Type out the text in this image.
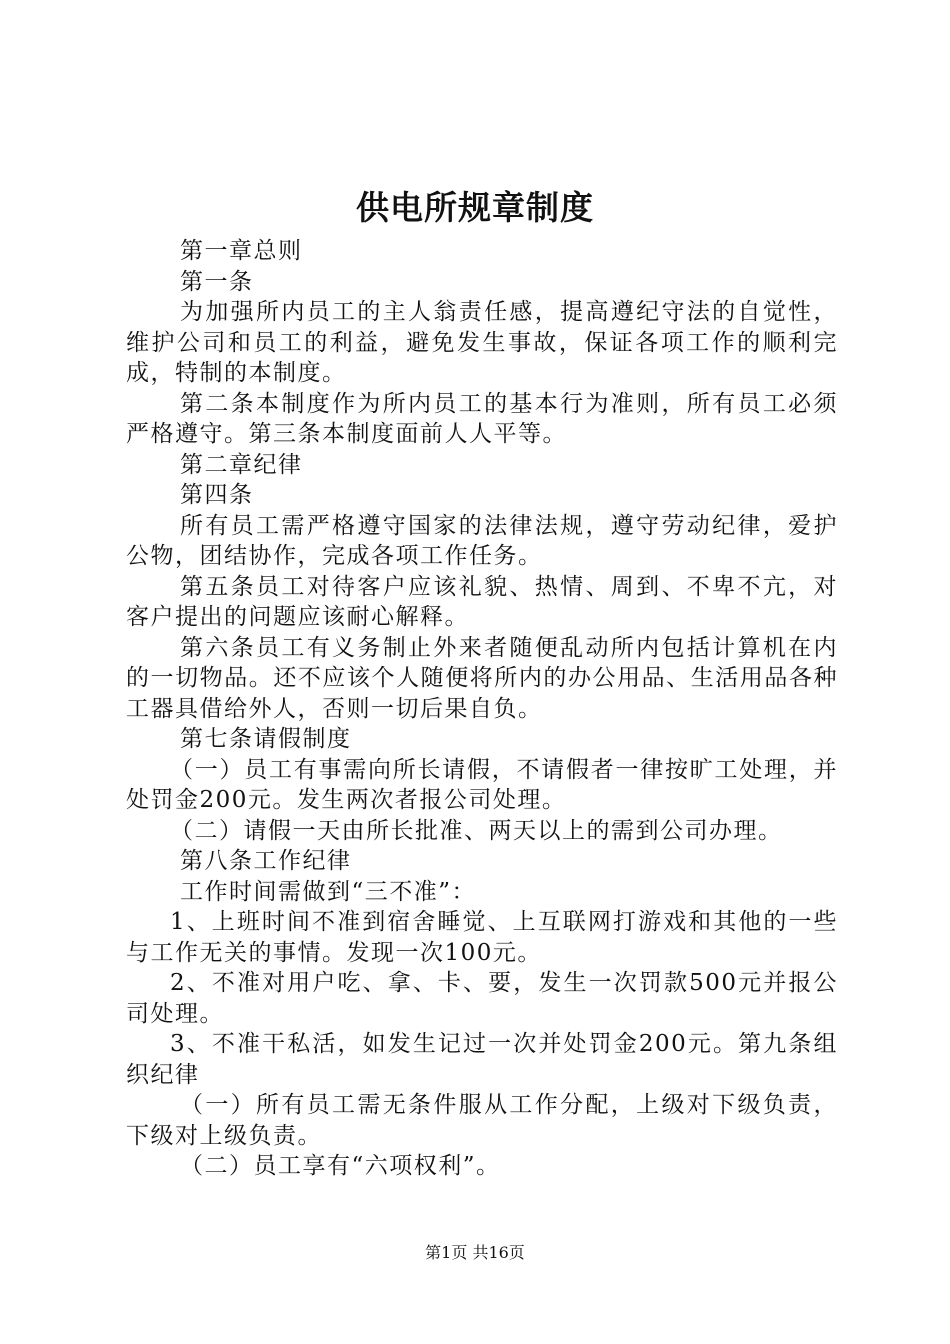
供电所规章制度

第一章总则

第一条

为加强所内员工的主人翁责任感，提高遵纪守法的自觉性，维护公司和员工的利益，避免发生事故，保证各项工作的顺利完成，特制的本制度。

第二条本制度作为所内员工的基本行为准则，所有员工必须严格遵守。第三条本制度面前人人平等。

第二章纪律

第四条

所有员工需严格遵守国家的法律法规，遵守劳动纪律，爱护公物，团结协作，完成各项工作任务。

第五条员工对待客户应该礼貌、热情、周到、不卑不亢，对客户提出的问题应该耐心解释。

第六条员工有义务制止外来者随便乱动所内包括计算机在内的一切物品。还不应该个人随便将所内的办公用品、生活用品各种工器具借给外人，否则一切后果自负。

第七条请假制度

（一）员工有事需向所长请假，不请假者一律按旷工处理，并处罚金200元。发生两次者报公司处理。

（二）请假一天由所长批准、两天以上的需到公司办理。

第八条工作纪律

工作时间需做到“三不准”：

1、上班时间不准到宿舍睡觉、上互联网打游戏和其他的一些与工作无关的事情。发现一次100元。

2、不准对用户吃、拿、卡、要，发生一次罚款500元并报公司处理。

3、不准干私活，如发生记过一次并处罚金200元。第九条组织纪律

（一）所有员工需无条件服从工作分配，上级对下级负责，下级对上级负责。

（二）员工享有“六项权利”。

第1页 共16页
